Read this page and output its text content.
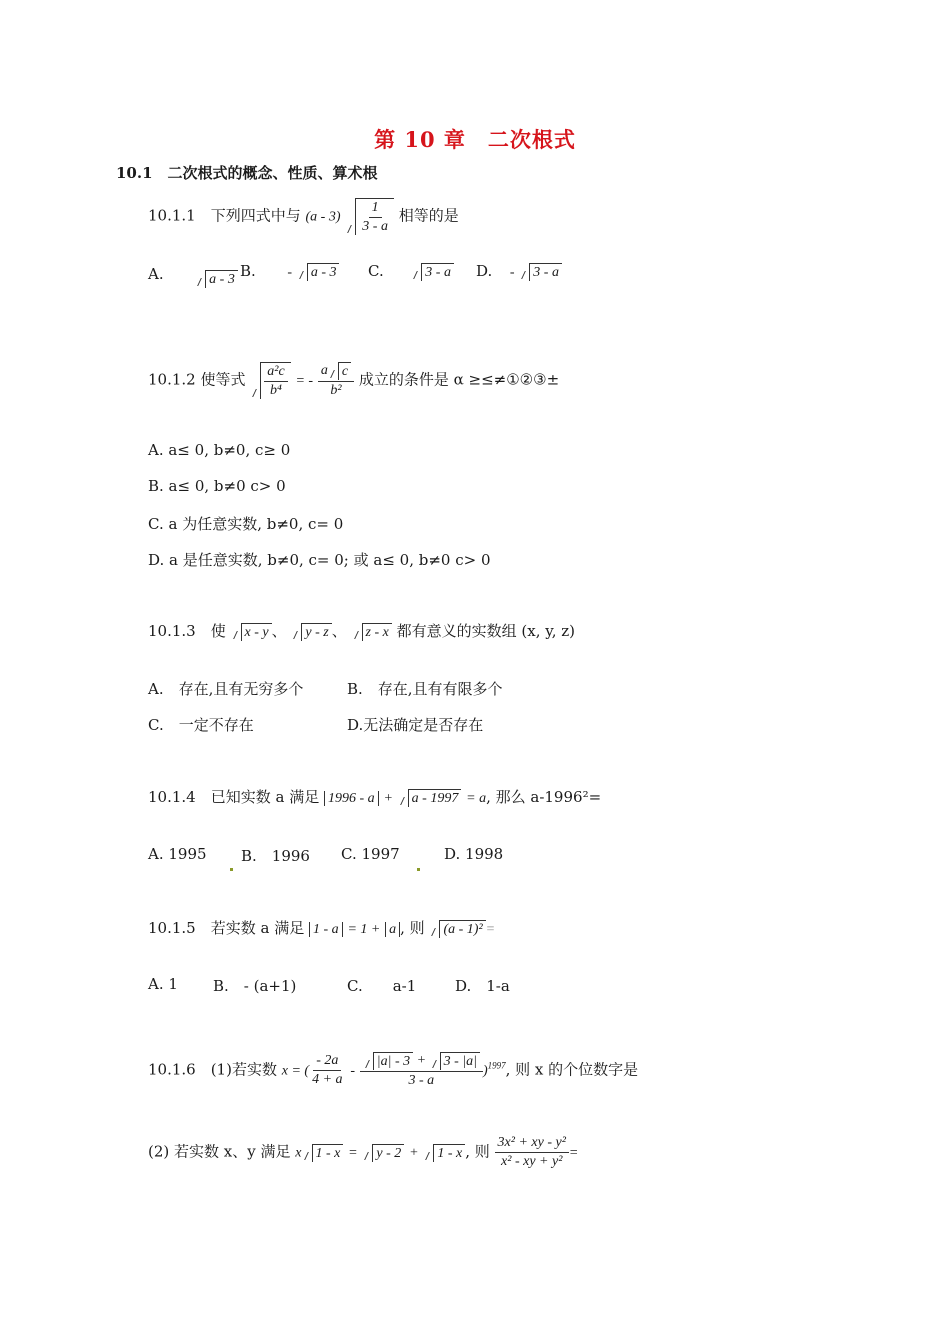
第 10 章　二次根式
10.1　二次根式的概念、性质、算术根
10.1.1　下列四式中与 $(a - 3) \frac{1}{3 - a}$ 相等的是
A.	a - 3 B. - a - 3 C.	3 - a D. - 3 - a
10.1.2 使等式 $\frac{\text{a²c}}{\text{b⁴}}$ = - $\frac{\text{a c}}{\text{b²}}$ 成立的条件是 α ≥≤≠①②③±
A. a≤ 0, b≠0, c≥ 0
B. a≤ 0, b≠0 c> 0
C. a 为任意实数, b≠0, c= 0
D. a 是任意实数, b≠0, c= 0; 或 a≤ 0, b≠0 c> 0
10.1.3　使 x - y 、 y - z 、 z - x 都有意义的实数组 (x, y, z)
A.　存在,且有无穷多个	B.　存在,且有有限多个
C.　一定不存在	D.无法确定是否存在
10.1.4　已知实数 a 满足 1996 - a + a - 1997 = a, 那么 a-1996²=
A. 1995 B.　1996 C. 1997	D. 1998
10.1.5　若实数 a 满足 1 - a = 1 + a , 则 (a - 1)² =
A. 1 B.　- (a+1)	C.　　a-1	D.　1-a
10.1.6　(1)若实数 x = ( $\frac{- 2a}{4 + a} - \frac{|a| - 3 + 3 - |a|}{3 - a} )^{1997}$, 则 x 的个位数字是
(2) 若实数 x、y 满足 x 1 - x = y - 2 + 1 - x , 则 $\frac{\text{3x² + xy - y²}}{\text{x² - xy + y²}}$ =
